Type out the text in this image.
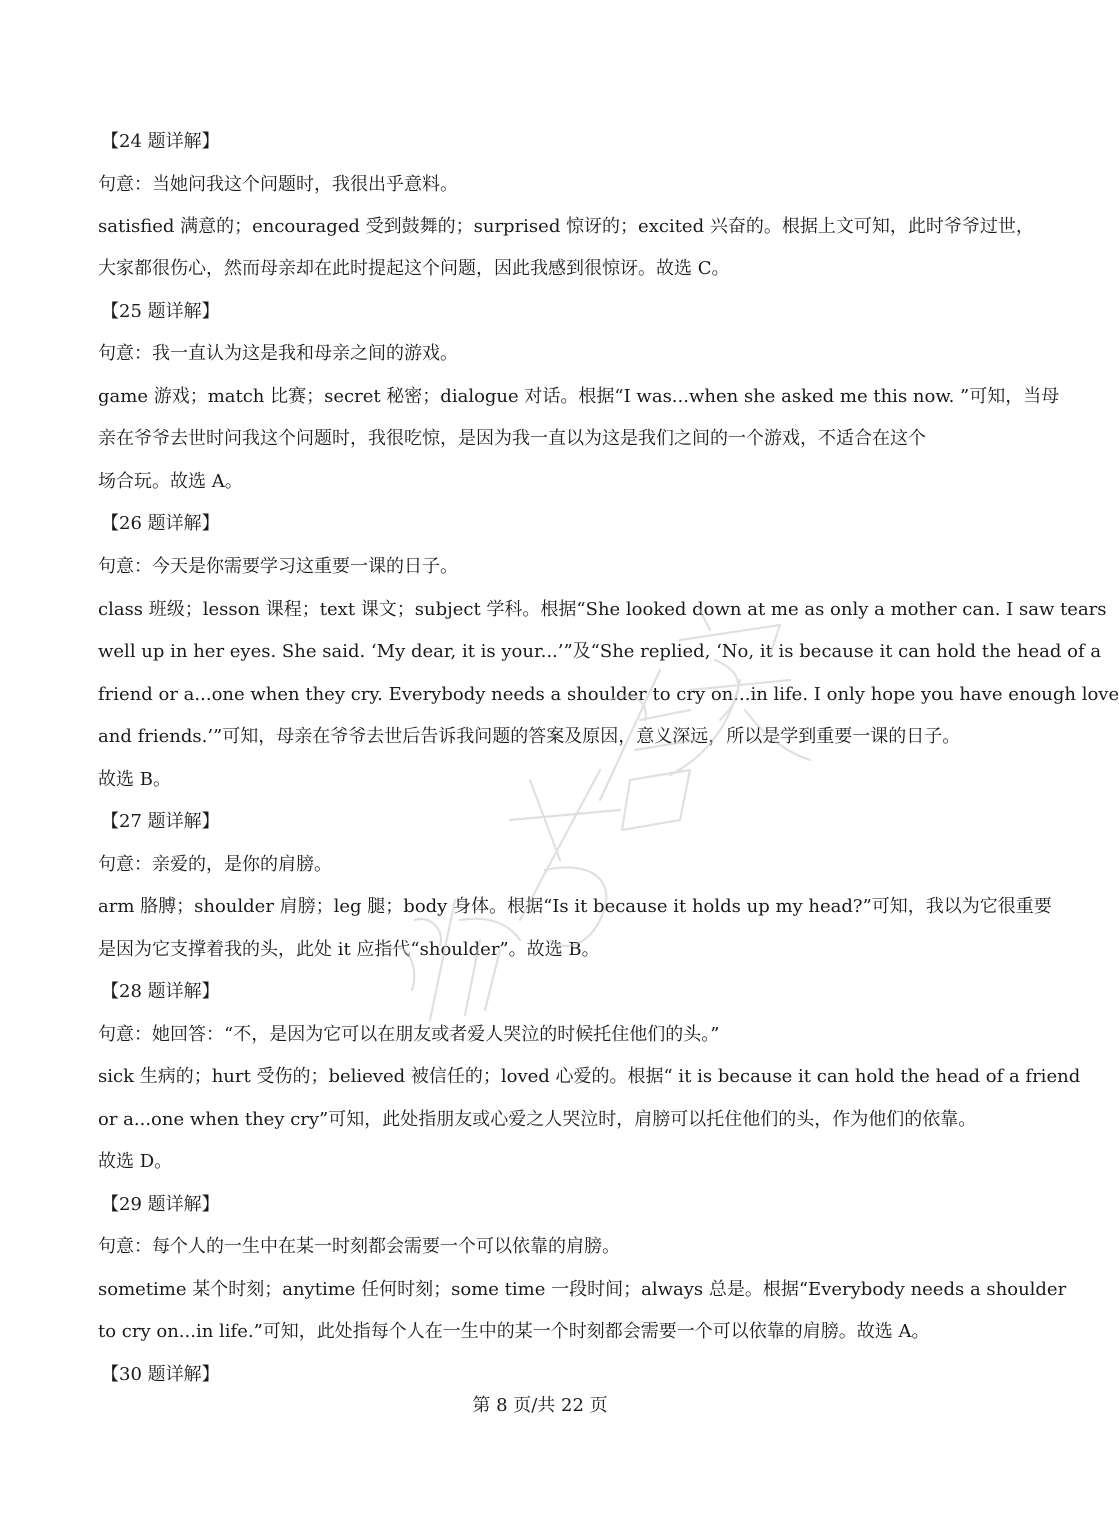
【24 题详解】
句意：当她问我这个问题时，我很出乎意料。
satisfied 满意的；encouraged 受到鼓舞的；surprised 惊讶的；excited 兴奋的。根据上文可知，此时爷爷过世，
大家都很伤心，然而母亲却在此时提起这个问题，因此我感到很惊讶。故选 C。
【25 题详解】
句意：我一直认为这是我和母亲之间的游戏。
game 游戏；match 比赛；secret 秘密；dialogue 对话。根据“I was...when she asked me this now. ”可知，当母
亲在爷爷去世时问我这个问题时，我很吃惊，是因为我一直以为这是我们之间的一个游戏，不适合在这个
场合玩。故选 A。
【26 题详解】
句意：今天是你需要学习这重要一课的日子。
class 班级；lesson 课程；text 课文；subject 学科。根据“She looked down at me as only a mother can. I saw tears
well up in her eyes. She said. ‘My dear, it is your...’”及“She replied, ‘No, it is because it can hold the head of a
friend or a...one when they cry. Everybody needs a shoulder to cry on...in life. I only hope you have enough love
and friends.’”可知，母亲在爷爷去世后告诉我问题的答案及原因，意义深远，所以是学到重要一课的日子。
故选 B。
【27 题详解】
句意：亲爱的，是你的肩膀。
arm 胳膊；shoulder 肩膀；leg 腿；body 身体。根据“Is it because it holds up my head?”可知，我以为它很重要
是因为它支撑着我的头，此处 it 应指代“shoulder”。故选 B。
【28 题详解】
句意：她回答：“不，是因为它可以在朋友或者爱人哭泣的时候托住他们的头。”
sick 生病的；hurt 受伤的；believed 被信任的；loved 心爱的。根据“ it is because it can hold the head of a friend
or a...one when they cry”可知，此处指朋友或心爱之人哭泣时，肩膀可以托住他们的头，作为他们的依靠。
故选 D。
【29 题详解】
句意：每个人的一生中在某一时刻都会需要一个可以依靠的肩膀。
sometime 某个时刻；anytime 任何时刻；some time 一段时间；always 总是。根据“Everybody needs a shoulder
to cry on...in life.”可知，此处指每个人在一生中的某一个时刻都会需要一个可以依靠的肩膀。故选 A。
【30 题详解】
第 8 页/共 22 页
